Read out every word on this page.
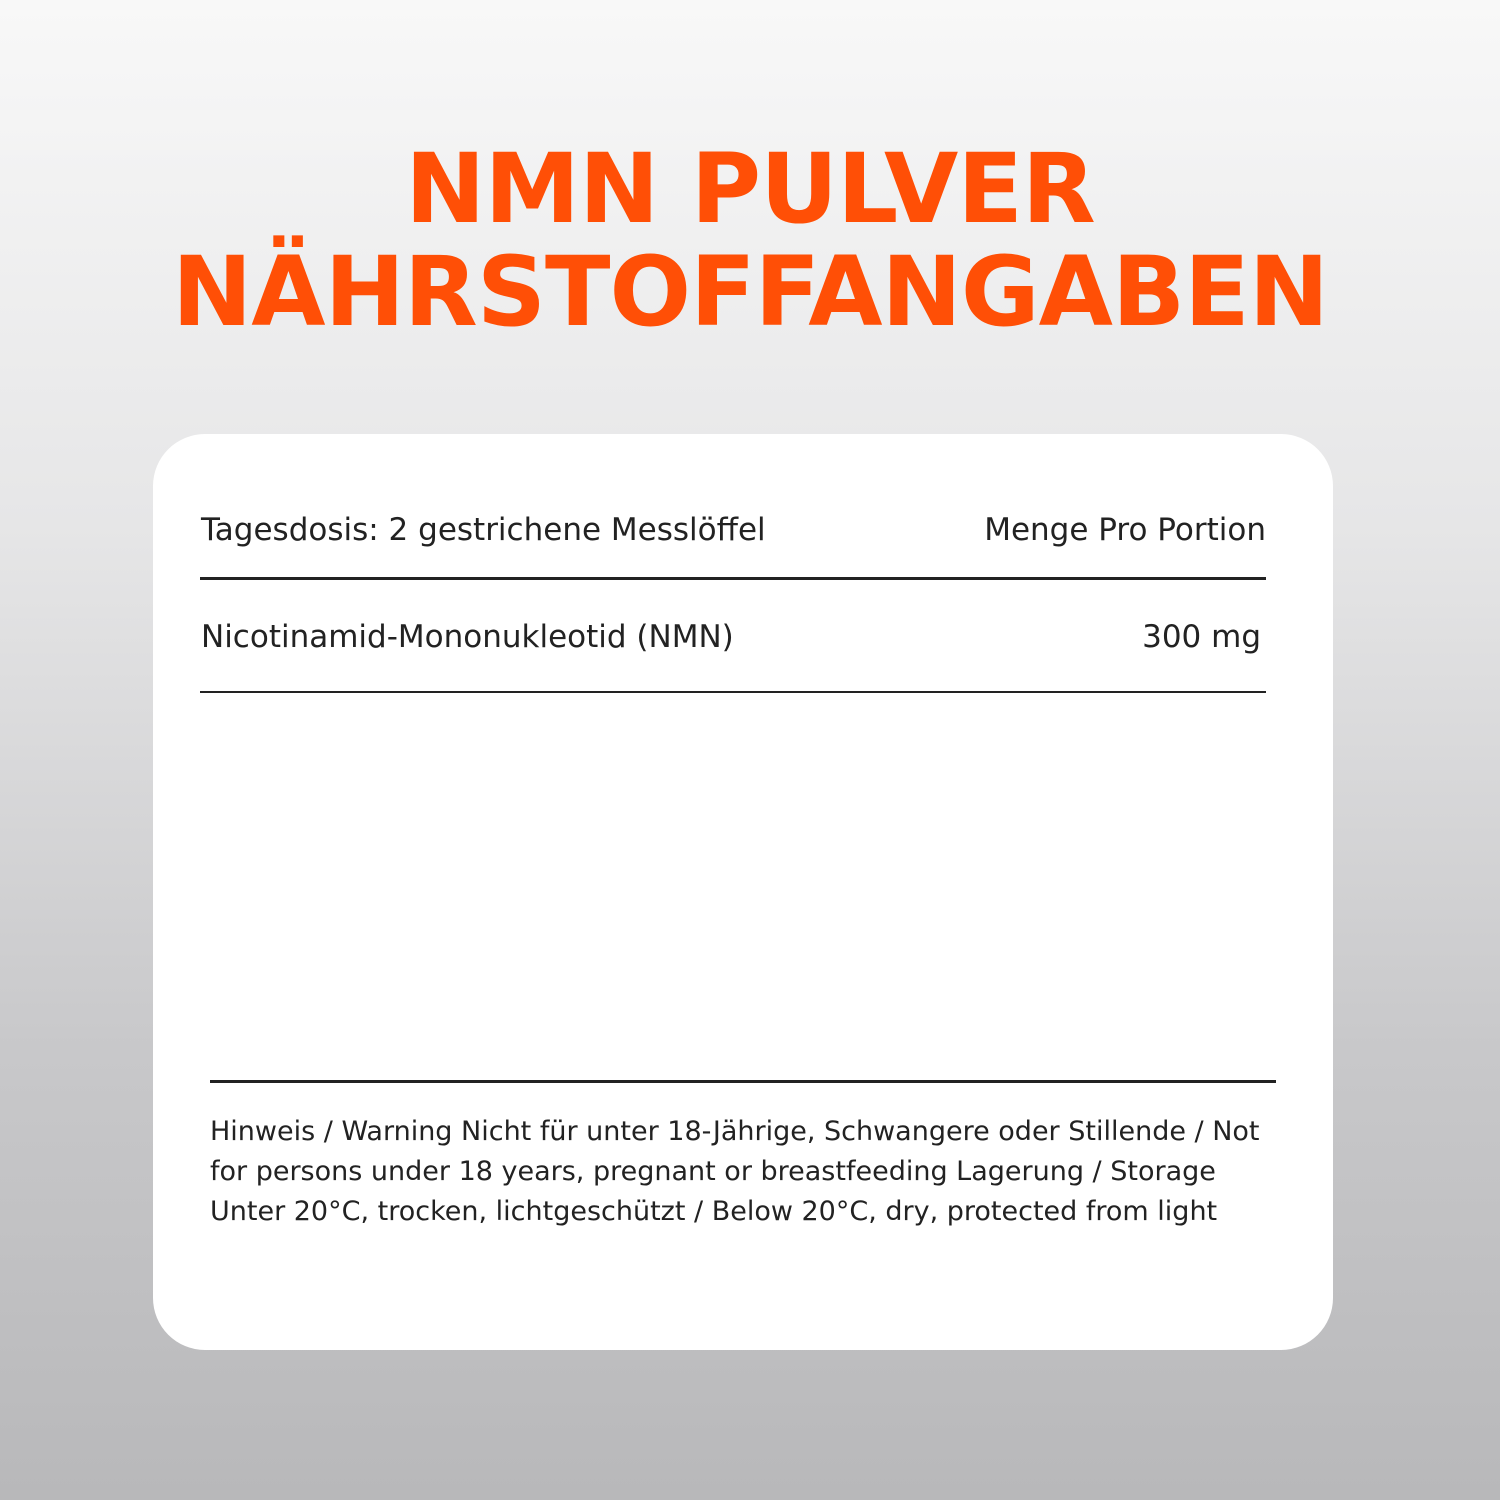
NMN PULVER
NÄHRSTOFFANGABEN
Tagesdosis: 2 gestrichene Messlöffel	Menge Pro Portion
Nicotinamid-Mononukleotid (NMN)	300 mg

Hinweis / Warning Nicht für unter 18-Jährige, Schwangere oder Stillende / Not for persons under 18 years, pregnant or breastfeeding Lagerung / Storage Unter 20°C, trocken, lichtgeschützt / Below 20°C, dry, protected from light
